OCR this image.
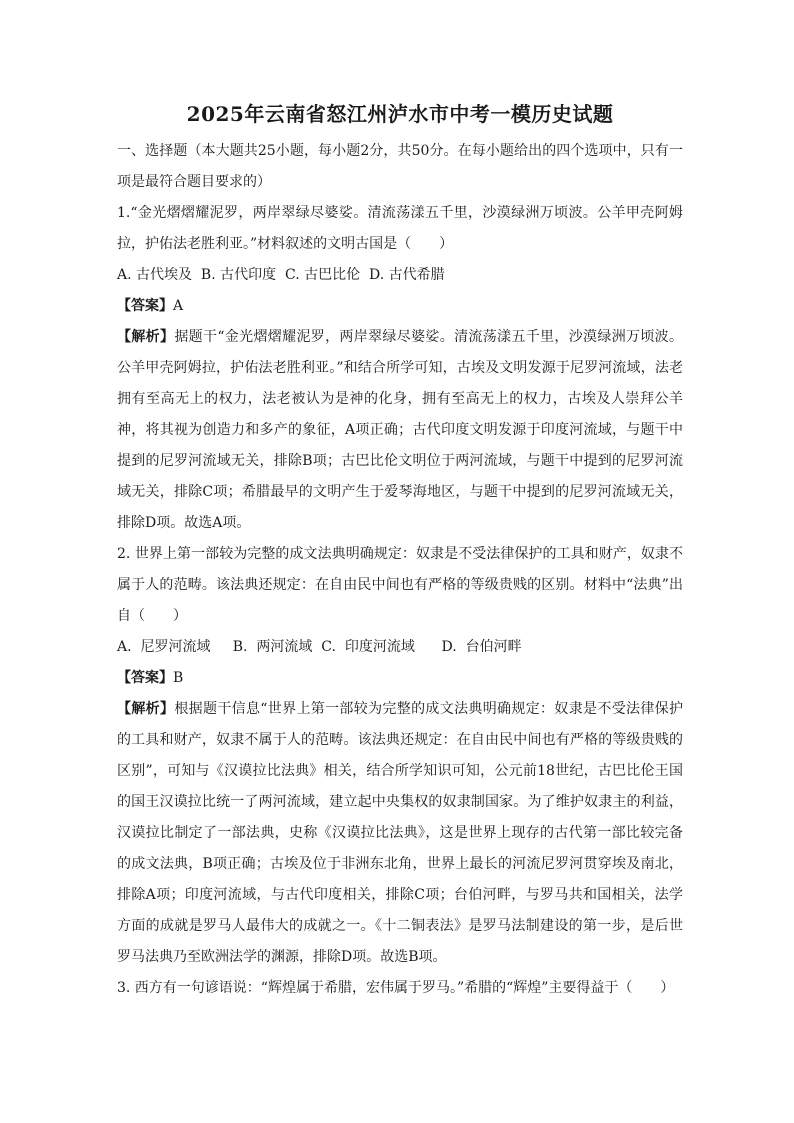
2025年云南省怒江州泸水市中考一模历史试题

一、选择题（本大题共25小题，每小题2分，共50分。在每小题给出的四个选项中，只有一项是最符合题目要求的）

1.“金光熠熠耀泥罗，两岸翠绿尽婆娑。清流荡漾五千里，沙漠绿洲万顷波。公羊甲壳阿姆拉，护佑法老胜利亚。”材料叙述的文明古国是（　　）

A. 古代埃及  B. 古代印度  C. 古巴比伦  D. 古代希腊

【答案】A

【解析】据题干“金光熠熠耀泥罗，两岸翠绿尽婆娑。清流荡漾五千里，沙漠绿洲万顷波。公羊甲壳阿姆拉，护佑法老胜利亚。”和结合所学可知，古埃及文明发源于尼罗河流域，法老拥有至高无上的权力，法老被认为是神的化身，拥有至高无上的权力，古埃及人崇拜公羊神，将其视为创造力和多产的象征，A项正确；古代印度文明发源于印度河流域，与题干中提到的尼罗河流域无关，排除B项；古巴比伦文明位于两河流域，与题干中提到的尼罗河流域无关，排除C项；希腊最早的文明产生于爱琴海地区，与题干中提到的尼罗河流域无关，排除D项。故选A项。

2. 世界上第一部较为完整的成文法典明确规定：奴隶是不受法律保护的工具和财产，奴隶不属于人的范畴。该法典还规定：在自由民中间也有严格的等级贵贱的区别。材料中“法典”出自（　　）

A.  尼罗河流域     B.  两河流域  C.  印度河流域      D.  台伯河畔

【答案】B

【解析】根据题干信息“世界上第一部较为完整的成文法典明确规定：奴隶是不受法律保护的工具和财产，奴隶不属于人的范畴。该法典还规定：在自由民中间也有严格的等级贵贱的区别”，可知与《汉谟拉比法典》相关，结合所学知识可知，公元前18世纪，古巴比伦王国的国王汉谟拉比统一了两河流域，建立起中央集权的奴隶制国家。为了维护奴隶主的利益，汉谟拉比制定了一部法典，史称《汉谟拉比法典》，这是世界上现存的古代第一部比较完备的成文法典，B项正确；古埃及位于非洲东北角，世界上最长的河流尼罗河贯穿埃及南北，排除A项；印度河流域，与古代印度相关，排除C项；台伯河畔，与罗马共和国相关，法学方面的成就是罗马人最伟大的成就之一。《十二铜表法》是罗马法制建设的第一步，是后世罗马法典乃至欧洲法学的渊源，排除D项。故选B项。

3. 西方有一句谚语说：“辉煌属于希腊，宏伟属于罗马。”希腊的“辉煌”主要得益于（　　）
